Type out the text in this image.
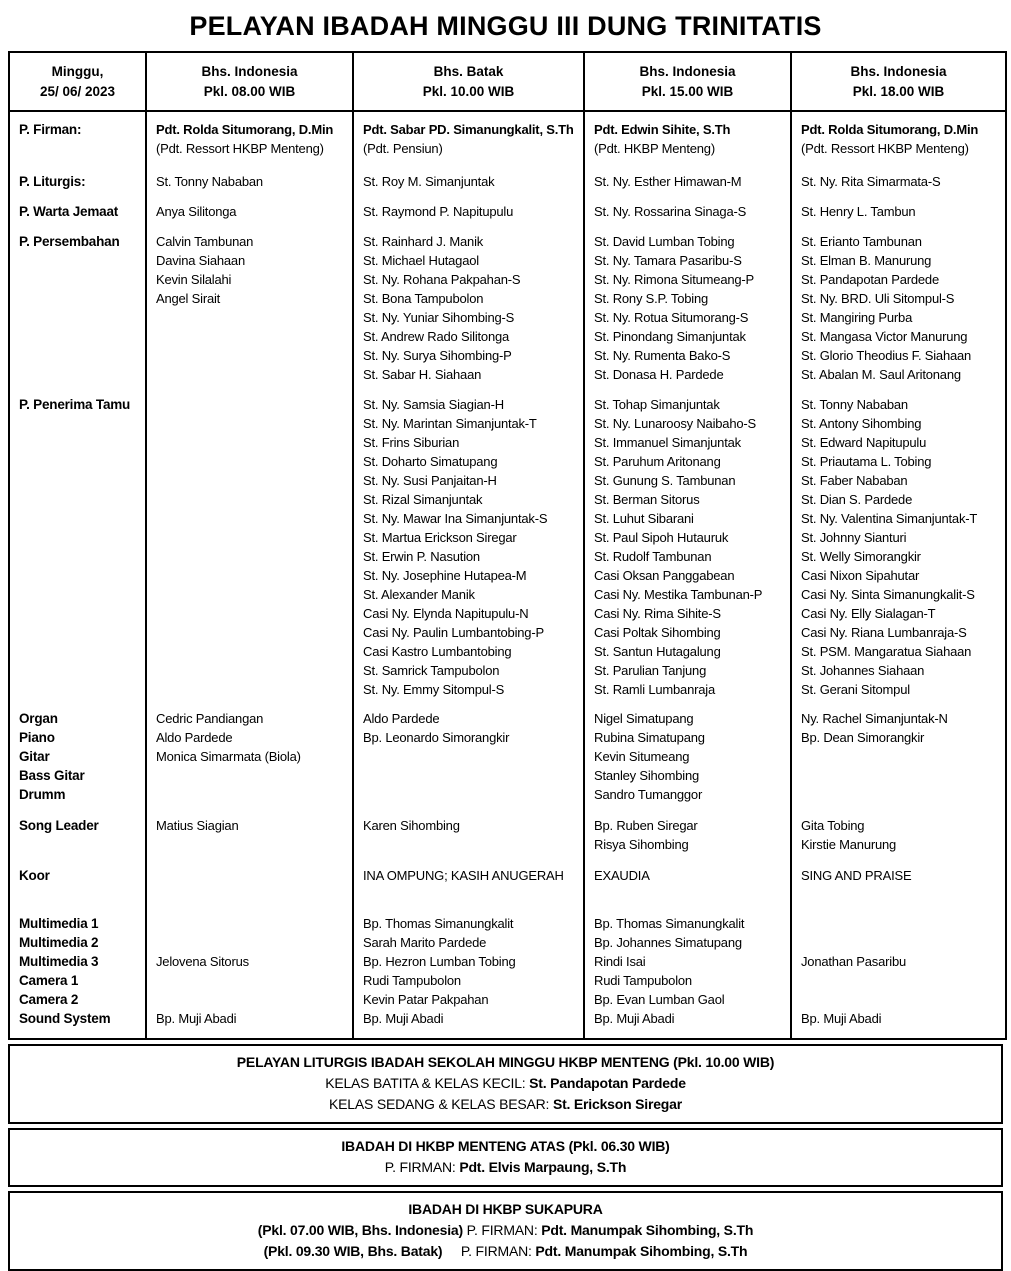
PELAYAN IBADAH MINGGU III DUNG TRINITATIS
Minggu,
25/ 06/ 2023
Bhs. Indonesia
Pkl. 08.00 WIB
Bhs. Batak
Pkl. 10.00 WIB
Bhs. Indonesia
Pkl. 15.00 WIB
Bhs. Indonesia
Pkl. 18.00 WIB
P. Firman:
P. Liturgis:
P. Warta Jemaat
P. Persembahan
P. Penerima Tamu
Organ
Piano
Gitar
Bass Gitar
Drumm
Song Leader
Koor
Multimedia 1
Multimedia 2
Multimedia 3
Camera 1
Camera 2
Sound System
Pdt. Rolda Situmorang, D.Min
(Pdt. Ressort HKBP Menteng)
St. Tonny Nababan
Anya Silitonga
Calvin Tambunan
Davina Siahaan
Kevin Silalahi
Angel Sirait
Cedric Pandiangan
Aldo Pardede
Monica Simarmata (Biola)
Matius Siagian

Jelovena Sitorus

Bp. Muji Abadi
Pdt. Sabar PD. Simanungkalit, S.Th
(Pdt. Pensiun)
St. Roy M. Simanjuntak
St. Raymond P. Napitupulu
St. Rainhard J. Manik
St. Michael Hutagaol
St. Ny. Rohana Pakpahan-S
St. Bona Tampubolon
St. Ny. Yuniar Sihombing-S
St. Andrew Rado Silitonga
St. Ny. Surya Sihombing-P
St. Sabar H. Siahaan
St. Ny. Samsia Siagian-H
St. Ny. Marintan Simanjuntak-T
St. Frins Siburian
St. Doharto Simatupang
St. Ny. Susi Panjaitan-H
St. Rizal Simanjuntak
St. Ny. Mawar Ina Simanjuntak-S
St. Martua Erickson Siregar
St. Erwin P. Nasution
St. Ny. Josephine Hutapea-M
St. Alexander Manik
Casi Ny. Elynda Napitupulu-N
Casi Ny. Paulin Lumbantobing-P
Casi Kastro Lumbantobing
St. Samrick Tampubolon
St. Ny. Emmy Sitompul-S
Aldo Pardede
Bp. Leonardo Simorangkir
Karen Sihombing
INA OMPUNG; KASIH ANUGERAH
Bp. Thomas Simanungkalit
Sarah Marito Pardede
Bp. Hezron Lumban Tobing
Rudi Tampubolon
Kevin Patar Pakpahan
Bp. Muji Abadi
Pdt. Edwin Sihite, S.Th
(Pdt. HKBP Menteng)
St. Ny. Esther Himawan-M
St. Ny. Rossarina Sinaga-S
St. David Lumban Tobing
St. Ny. Tamara Pasaribu-S
St. Ny. Rimona Situmeang-P
St. Rony S.P. Tobing
St. Ny. Rotua Situmorang-S
St. Pinondang Simanjuntak
St. Ny. Rumenta Bako-S
St. Donasa H. Pardede
St. Tohap Simanjuntak
St. Ny. Lunaroosy Naibaho-S
St. Immanuel Simanjuntak
St. Paruhum Aritonang
St. Gunung S. Tambunan
St. Berman Sitorus
St. Luhut Sibarani
St. Paul Sipoh Hutauruk
St. Rudolf Tambunan
Casi Oksan Panggabean
Casi Ny. Mestika Tambunan-P
Casi Ny. Rima Sihite-S
Casi Poltak Sihombing
St. Santun Hutagalung
St. Parulian Tanjung
St. Ramli Lumbanraja
Nigel Simatupang
Rubina Simatupang
Kevin Situmeang
Stanley Sihombing
Sandro Tumanggor
Bp. Ruben Siregar
Risya Sihombing
EXAUDIA
Bp. Thomas Simanungkalit
Bp. Johannes Simatupang
Rindi Isai
Rudi Tampubolon
Bp. Evan Lumban Gaol
Bp. Muji Abadi
Pdt. Rolda Situmorang, D.Min
(Pdt. Ressort HKBP Menteng)
St. Ny. Rita Simarmata-S
St. Henry L. Tambun
St. Erianto Tambunan
St. Elman B. Manurung
St. Pandapotan Pardede
St. Ny. BRD. Uli Sitompul-S
St. Mangiring Purba
St. Mangasa Victor Manurung
St. Glorio Theodius F. Siahaan
St. Abalan M. Saul Aritonang
St. Tonny Nababan
St. Antony Sihombing
St. Edward Napitupulu
St. Priautama L. Tobing
St. Faber Nababan
St. Dian S. Pardede
St. Ny. Valentina Simanjuntak-T
St. Johnny Sianturi
St. Welly Simorangkir
Casi Nixon Sipahutar
Casi Ny. Sinta Simanungkalit-S
Casi Ny. Elly Sialagan-T
Casi Ny. Riana Lumbanraja-S
St. PSM. Mangaratua Siahaan
St. Johannes Siahaan
St. Gerani Sitompul
Ny. Rachel Simanjuntak-N
Bp. Dean Simorangkir
Gita Tobing
Kirstie Manurung
SING AND PRAISE

Jonathan Pasaribu

Bp. Muji Abadi
PELAYAN LITURGIS IBADAH SEKOLAH MINGGU HKBP MENTENG (Pkl. 10.00 WIB)
KELAS BATITA & KELAS KECIL: St. Pandapotan Pardede
KELAS SEDANG & KELAS BESAR: St. Erickson Siregar
IBADAH DI HKBP MENTENG ATAS (Pkl. 06.30 WIB)
P. FIRMAN: Pdt. Elvis Marpaung, S.Th
IBADAH DI HKBP SUKAPURA
(Pkl. 07.00 WIB, Bhs. Indonesia) P. FIRMAN: Pdt. Manumpak Sihombing, S.Th
(Pkl. 09.30 WIB, Bhs. Batak)     P. FIRMAN: Pdt. Manumpak Sihombing, S.Th
